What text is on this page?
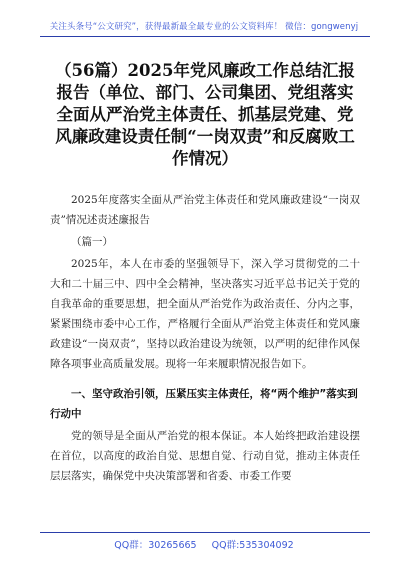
关注头条号“公文研究”，获得最新最全最专业的公文资料库！ 微信：gongwenyj
（56篇）2025年党风廉政工作总结汇报报告（单位、部门、公司集团、党组落实全面从严治党主体责任、抓基层党建、党风廉政建设责任制“一岗双责”和反腐败工作情况）
2025年度落实全面从严治党主体责任和党风廉政建设“一岗双责”情况述责述廉报告
（篇一）
2025年，本人在市委的坚强领导下，深入学习贯彻党的二十大和二十届三中、四中全会精神，坚决落实习近平总书记关于党的自我革命的重要思想，把全面从严治党作为政治责任、分内之事，紧紧围绕市委中心工作，严格履行全面从严治党主体责任和党风廉政建设“一岗双责”，坚持以政治建设为统领，以严明的纪律作风保障各项事业高质量发展。现将一年来履职情况报告如下。
一、坚守政治引领，压紧压实主体责任，将“两个维护”落实到行动中
党的领导是全面从严治党的根本保证。本人始终把政治建设摆在首位，以高度的政治自觉、思想自觉、行动自觉，推动主体责任层层落实，确保党中央决策部署和省委、市委工作要
QQ群：30265665 QQ群:535304092
